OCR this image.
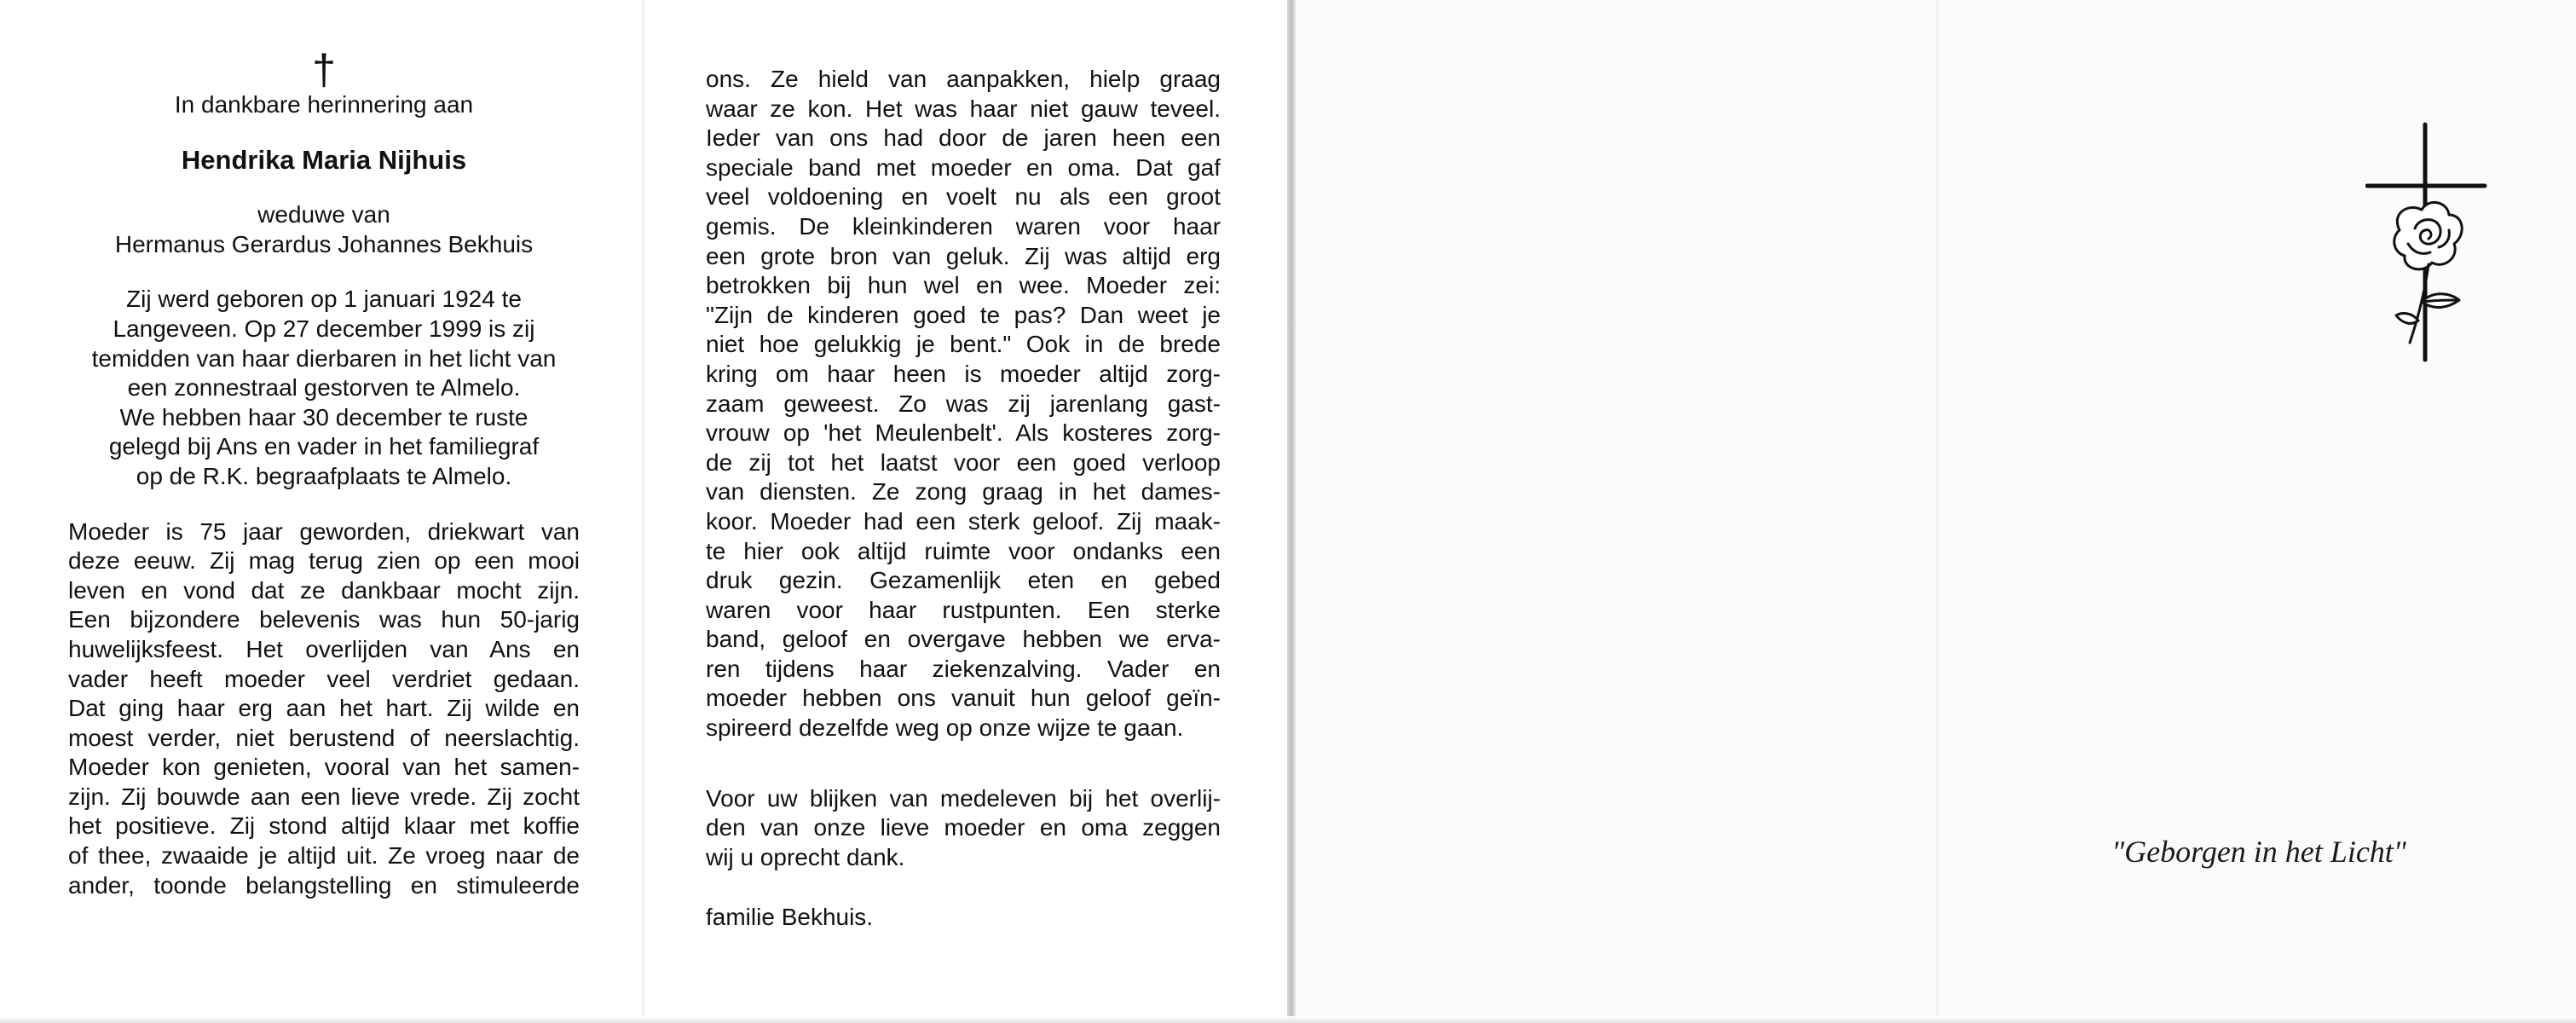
†
In dankbare herinnering aan
Hendrika Maria Nijhuis
weduwe van
Hermanus Gerardus Johannes Bekhuis
Zij werd geboren op 1 januari 1924 te
Langeveen. Op 27 december 1999 is zij
temidden van haar dierbaren in het licht van
een zonnestraal gestorven te Almelo.
We hebben haar 30 december te ruste
gelegd bij Ans en vader in het familiegraf
op de R.K. begraafplaats te Almelo.
Moeder is 75 jaar geworden, driekwart van
deze eeuw. Zij mag terug zien op een mooi
leven en vond dat ze dankbaar mocht zijn.
Een bijzondere belevenis was hun 50-jarig
huwelijksfeest. Het overlijden van Ans en
vader heeft moeder veel verdriet gedaan.
Dat ging haar erg aan het hart. Zij wilde en
moest verder, niet berustend of neerslachtig.
Moeder kon genieten, vooral van het samen-
zijn. Zij bouwde aan een lieve vrede. Zij zocht
het positieve. Zij stond altijd klaar met koffie
of thee, zwaaide je altijd uit. Ze vroeg naar de
ander, toonde belangstelling en stimuleerde
ons. Ze hield van aanpakken, hielp graag
waar ze kon. Het was haar niet gauw teveel.
Ieder van ons had door de jaren heen een
speciale band met moeder en oma. Dat gaf
veel voldoening en voelt nu als een groot
gemis. De kleinkinderen waren voor haar
een grote bron van geluk. Zij was altijd erg
betrokken bij hun wel en wee. Moeder zei:
"Zijn de kinderen goed te pas? Dan weet je
niet hoe gelukkig je bent." Ook in de brede
kring om haar heen is moeder altijd zorg-
zaam geweest. Zo was zij jarenlang gast-
vrouw op 'het Meulenbelt'. Als kosteres zorg-
de zij tot het laatst voor een goed verloop
van diensten. Ze zong graag in het dames-
koor. Moeder had een sterk geloof. Zij maak-
te hier ook altijd ruimte voor ondanks een
druk gezin. Gezamenlijk eten en gebed
waren voor haar rustpunten. Een sterke
band, geloof en overgave hebben we erva-
ren tijdens haar ziekenzalving. Vader en
moeder hebben ons vanuit hun geloof geïn-
spireerd dezelfde weg op onze wijze te gaan.
Voor uw blijken van medeleven bij het overlij-
den van onze lieve moeder en oma zeggen
wij u oprecht dank.
familie Bekhuis.
"Geborgen in het Licht"
